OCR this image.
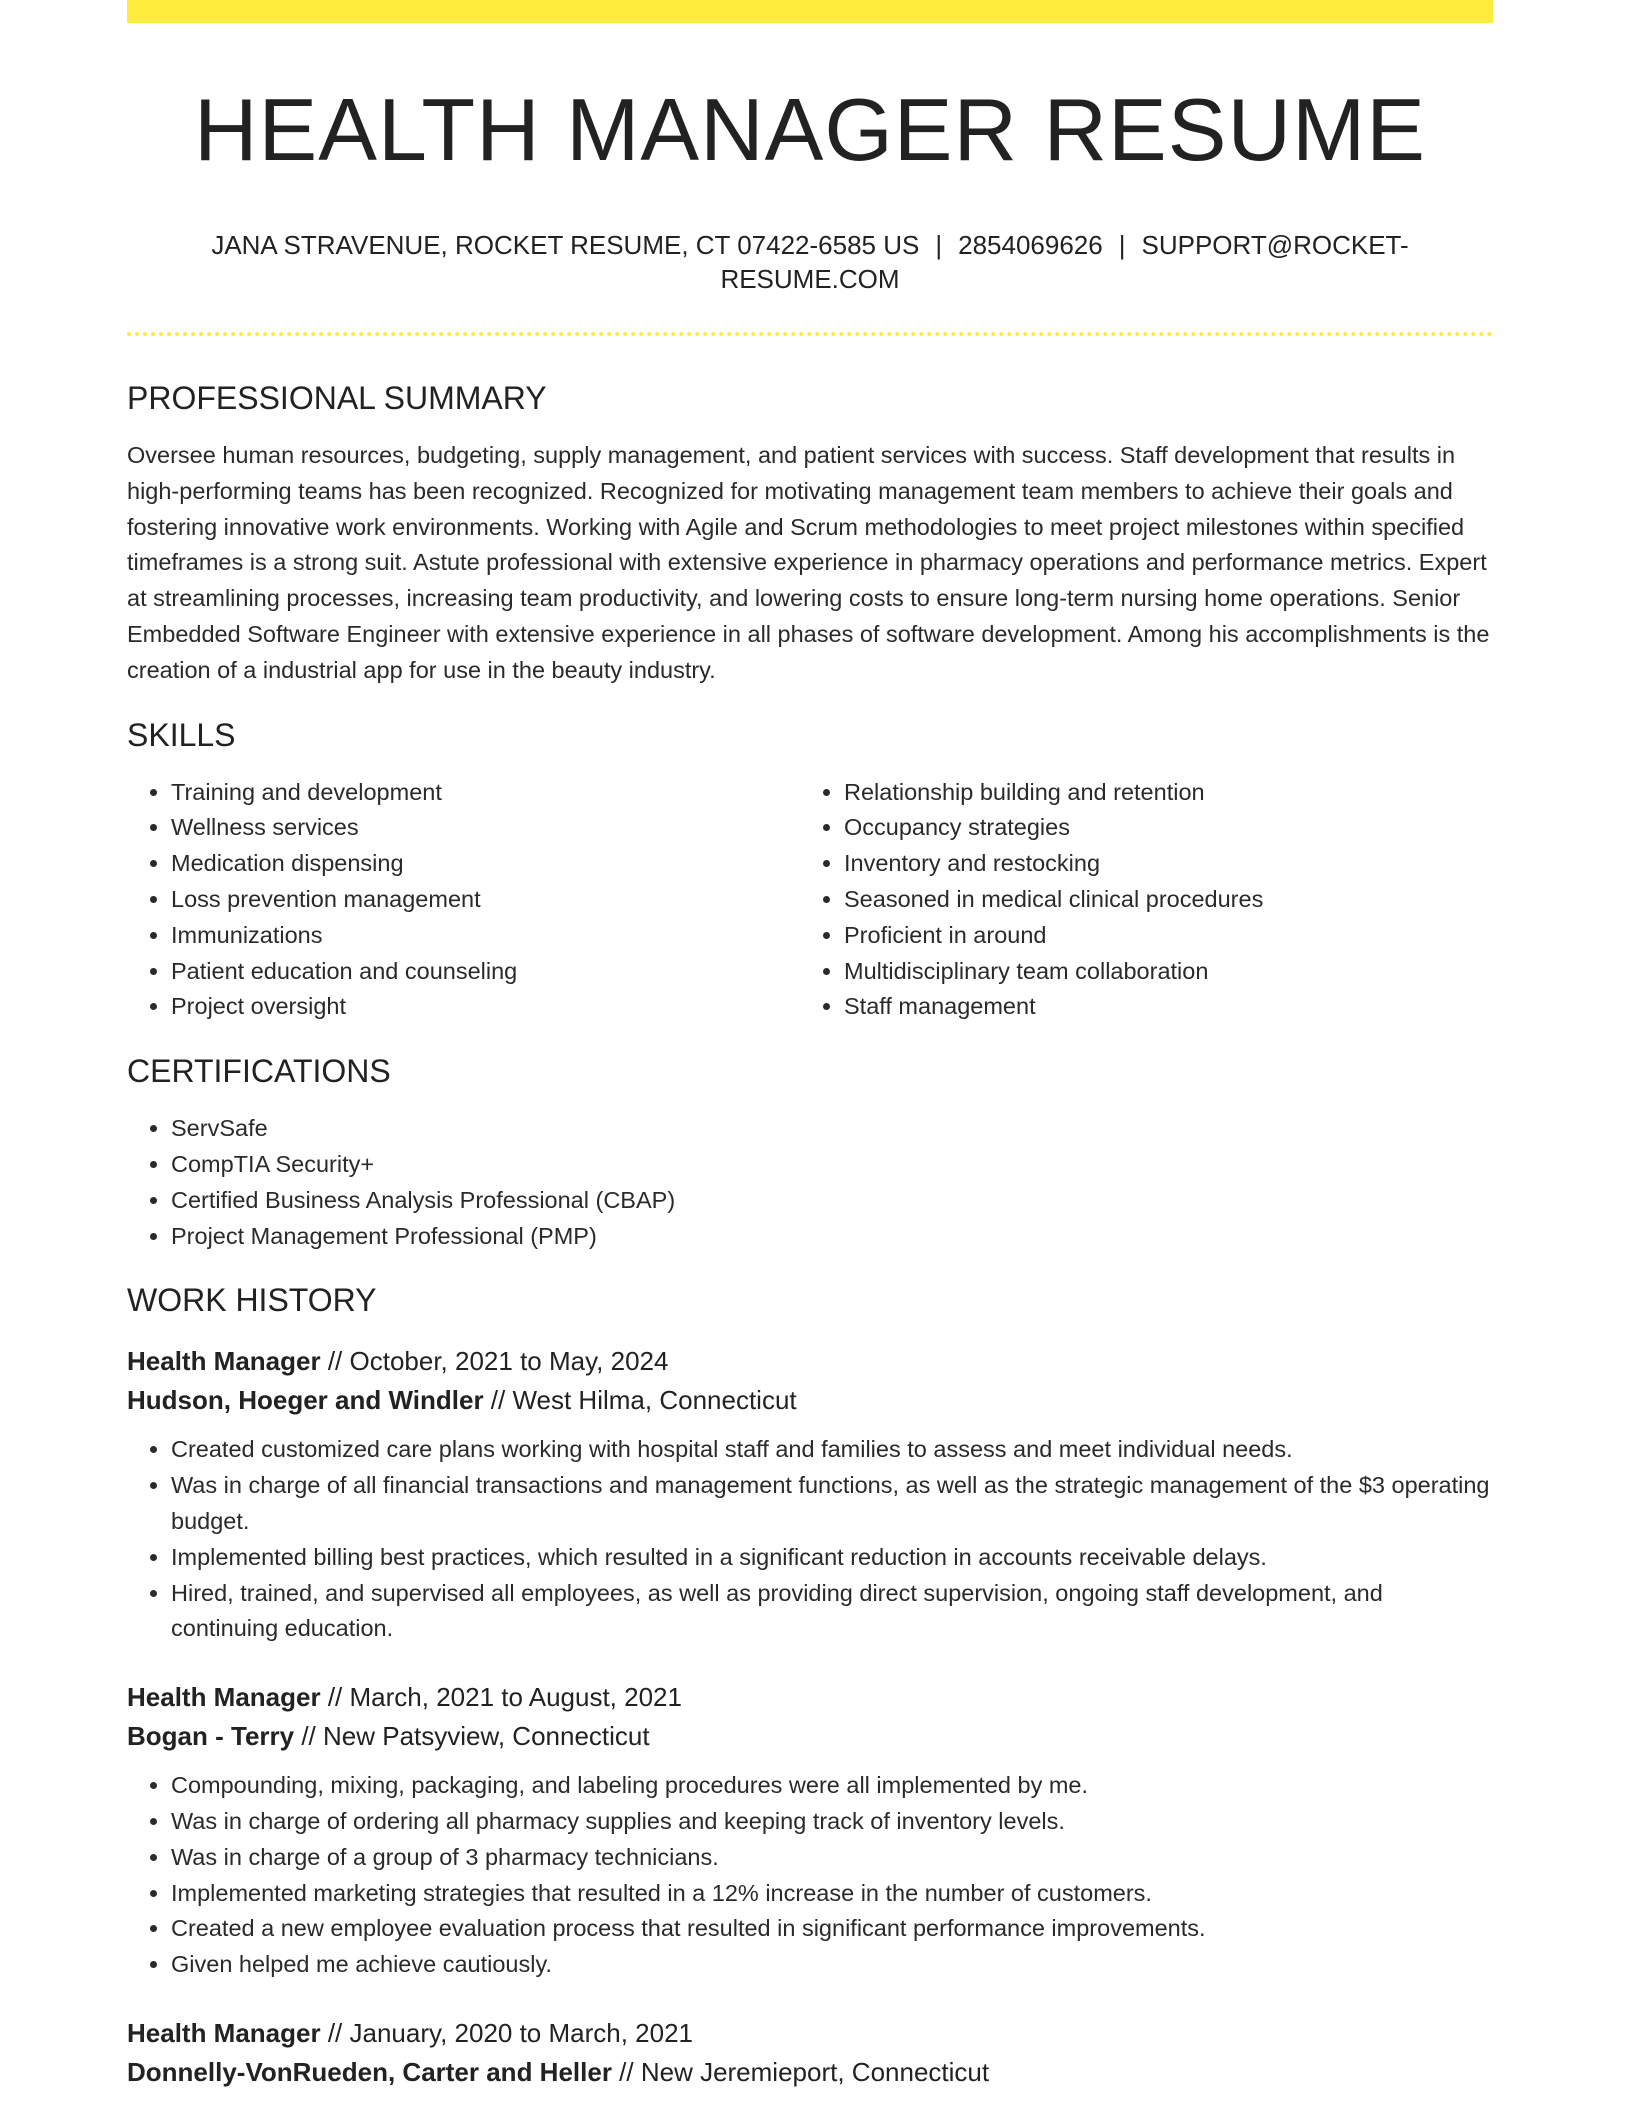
HEALTH MANAGER RESUME
JANA STRAVENUE, ROCKET RESUME, CT 07422-6585 US | 2854069626 | SUPPORT@ROCKET-RESUME.COM
PROFESSIONAL SUMMARY

Oversee human resources, budgeting, supply management, and patient services with success. Staff development that results in high-performing teams has been recognized. Recognized for motivating management team members to achieve their goals and fostering innovative work environments. Working with Agile and Scrum methodologies to meet project milestones within specified timeframes is a strong suit. Astute professional with extensive experience in pharmacy operations and performance metrics. Expert at streamlining processes, increasing team productivity, and lowering costs to ensure long-term nursing home operations. Senior Embedded Software Engineer with extensive experience in all phases of software development. Among his accomplishments is the creation of a industrial app for use in the beauty industry.

SKILLS
• Training and development
• Wellness services
• Medication dispensing
• Loss prevention management
• Immunizations
• Patient education and counseling
• Project oversight
• Relationship building and retention
• Occupancy strategies
• Inventory and restocking
• Seasoned in medical clinical procedures
• Proficient in around
• Multidisciplinary team collaboration
• Staff management
CERTIFICATIONS
• ServSafe
• CompTIA Security+
• Certified Business Analysis Professional (CBAP)
• Project Management Professional (PMP)
WORK HISTORY
Health Manager // October, 2021 to May, 2024
Hudson, Hoeger and Windler // West Hilma, Connecticut
• Created customized care plans working with hospital staff and families to assess and meet individual needs.
• Was in charge of all financial transactions and management functions, as well as the strategic management of the $3 operating budget.
• Implemented billing best practices, which resulted in a significant reduction in accounts receivable delays.
• Hired, trained, and supervised all employees, as well as providing direct supervision, ongoing staff development, and continuing education.
Health Manager // March, 2021 to August, 2021
Bogan - Terry // New Patsyview, Connecticut
• Compounding, mixing, packaging, and labeling procedures were all implemented by me.
• Was in charge of ordering all pharmacy supplies and keeping track of inventory levels.
• Was in charge of a group of 3 pharmacy technicians.
• Implemented marketing strategies that resulted in a 12% increase in the number of customers.
• Created a new employee evaluation process that resulted in significant performance improvements.
• Given helped me achieve cautiously.
Health Manager // January, 2020 to March, 2021
Donnelly-VonRueden, Carter and Heller // New Jeremieport, Connecticut
